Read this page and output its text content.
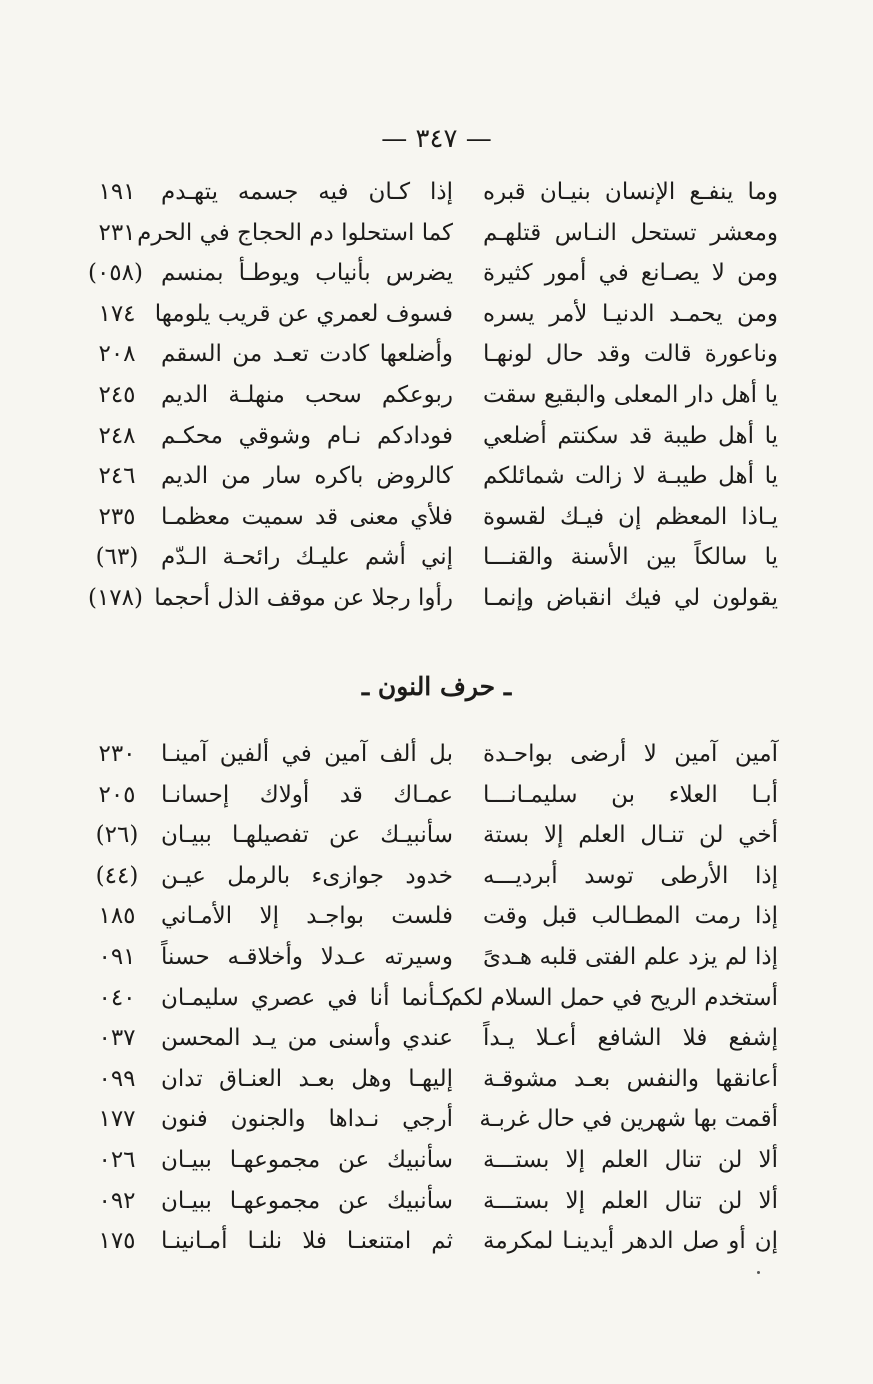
— ٣٤٧ —
وما ينفـع الإنسان بنيـان قبره
إذا كـان فيه جسمه يتهـدم
١٩١
ومعشر تستحل النـاس قتلهـم
كما استحلوا دم الحجاج في الحرم
٢٣١
ومن لا يصـانع في أمور كثيرة
يضرس بأنياب ويوطـأ بمنسم
(٠٥٨)
ومن يحمـد الدنيـا لأمر يسره
فسوف لعمري عن قريب يلومها
١٧٤
وناعورة قالت وقد حال لونهـا
وأضلعها كادت تعـد من السقم
٢٠٨
يا أهل دار المعلى والبقيع سقت
ربوعكم سحب منهلـة الديم
٢٤٥
يا أهل طيبة قد سكنتم أضلعي
فودادكم نـام وشوقي محكـم
٢٤٨
يا أهل طيبـة لا زالت شمائلكم
كالروض باكره سار من الديم
٢٤٦
يـاذا المعظم إن فيـك لقسوة
فلأي معنى قد سميت معظمـا
٢٣٥
يا سالكاً بين الأسنة والقنـــا
إني أشم عليـك رائحـة الـدّم
(٦٣)
يقولون لي فيك انقباض وإنمـا
رأوا رجلا عن موقف الذل أحجما
(١٧٨)
ـ حرف النون ـ
آمين آمين لا أرضى بواحـدة
بل ألف آمين في ألفين آمينـا
٢٣٠
أبـا العلاء بن سليمـانـــا
عمـاك قد أولاك إحسانـا
٢٠٥
أخي لن تنـال العلم إلا بستة
سأنبيـك عن تفصيلهـا ببيـان
(٢٦)
إذا الأرطى توسد أبرديـــه
خدود جوازىء بالرمل عيـن
(٤٤)
إذا رمت المطـالب قبل وقت
فلست بواجـد إلا الأمـاني
١٨٥
إذا لم يزد علم الفتى قلبه هـدىً
وسيرته عـدلا وأخلاقـه حسناً
٠٩١
أستخدم الريح في حمل السلام لكم
كـأنما أنا في عصري سليمـان
٠٤٠
إشفع فلا الشافع أعـلا يـداً
عندي وأسنى من يـد المحسن
٠٣٧
أعانقها والنفس بعـد مشوقـة
إليهـا وهل بعـد العنـاق تدان
٠٩٩
أقمت بها شهرين في حال غربـة
أرجي نـداها والجنون فنون
١٧٧
ألا لن تنال العلم إلا بستـــة
سأنبيك عن مجموعهـا ببيـان
٠٢٦
ألا لن تنال العلم إلا بستـــة
سأنبيك عن مجموعهـا ببيـان
٠٩٢
إن أو صل الدهر أيدينـا لمكرمة
ثم امتنعنـا فلا نلنـا أمـانينـا
١٧٥
